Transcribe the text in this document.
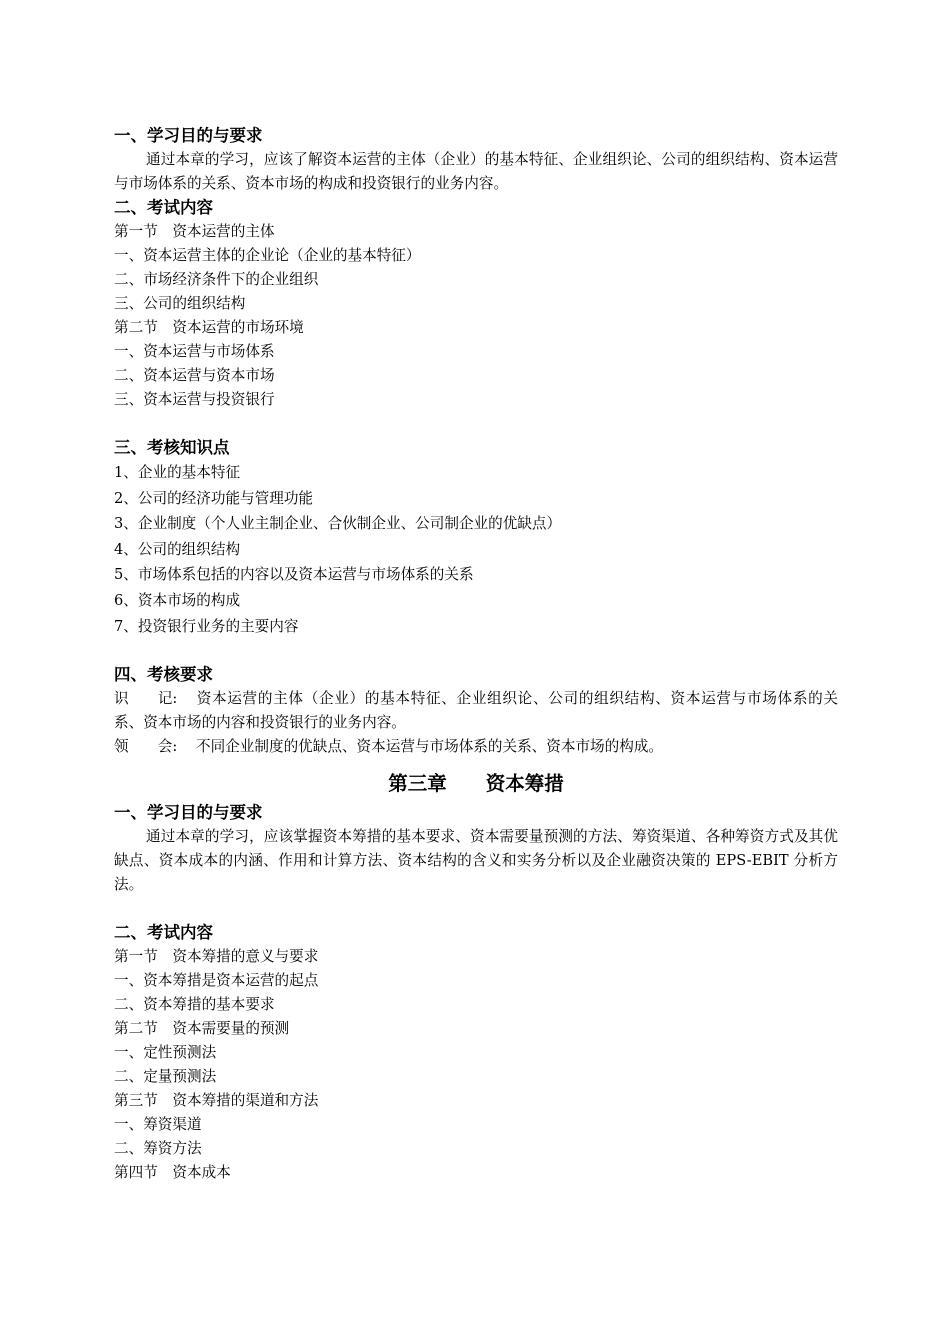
一、学习目的与要求
通过本章的学习，应该了解资本运营的主体（企业）的基本特征、企业组织论、公司的组织结构、资本运营与市场体系的关系、资本市场的构成和投资银行的业务内容。
二、考试内容
第一节　资本运营的主体
一、资本运营主体的企业论（企业的基本特征）
二、市场经济条件下的企业组织
三、公司的组织结构
第二节　资本运营的市场环境
一、资本运营与市场体系
二、资本运营与资本市场
三、资本运营与投资银行
三、考核知识点
1、企业的基本特征
2、公司的经济功能与管理功能
3、企业制度（个人业主制企业、合伙制企业、公司制企业的优缺点）
4、公司的组织结构
5、市场体系包括的内容以及资本运营与市场体系的关系
6、资本市场的构成
7、投资银行业务的主要内容
四、考核要求
识　　记: 资本运营的主体（企业）的基本特征、企业组织论、公司的组织结构、资本运营与市场体系的关系、资本市场的内容和投资银行的业务内容。
领　　会: 不同企业制度的优缺点、资本运营与市场体系的关系、资本市场的构成。
第三章　　资本筹措
一、学习目的与要求
通过本章的学习，应该掌握资本筹措的基本要求、资本需要量预测的方法、筹资渠道、各种筹资方式及其优缺点、资本成本的内涵、作用和计算方法、资本结构的含义和实务分析以及企业融资决策的 EPS-EBIT 分析方法。
二、考试内容
第一节　资本筹措的意义与要求
一、资本筹措是资本运营的起点
二、资本筹措的基本要求
第二节　资本需要量的预测
一、定性预测法
二、定量预测法
第三节　资本筹措的渠道和方法
一、筹资渠道
二、筹资方法
第四节　资本成本
